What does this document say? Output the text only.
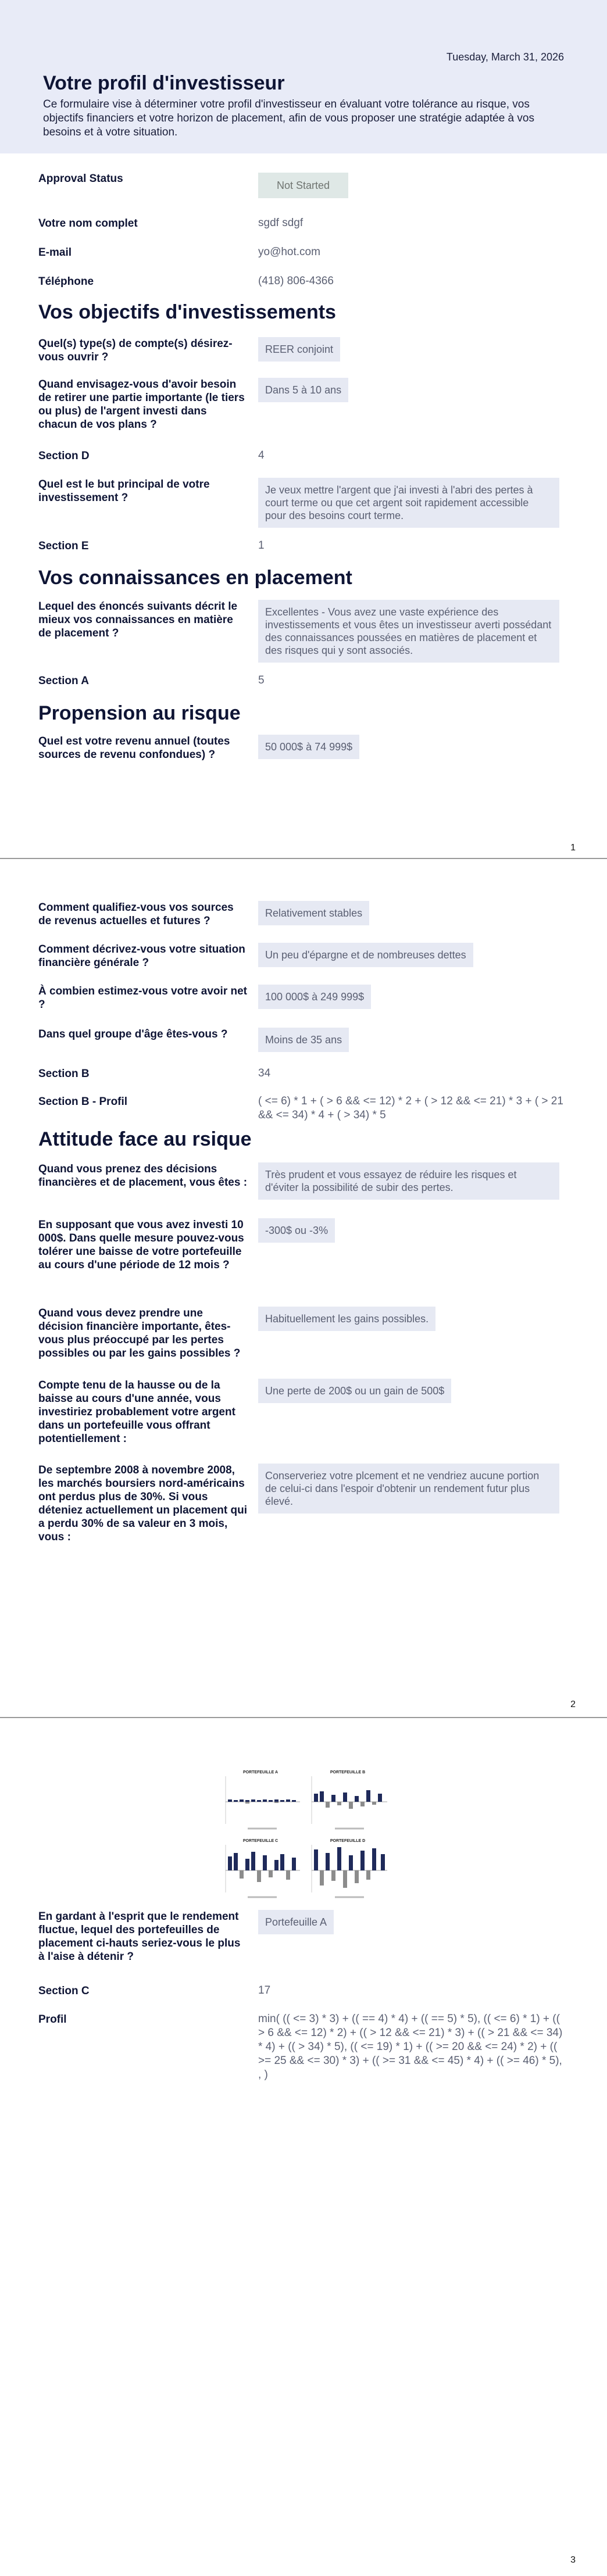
Tuesday, March 31, 2026
Votre profil d'investisseur
Ce formulaire vise à déterminer votre profil d'investisseur en évaluant votre tolérance au risque, vos objectifs financiers et votre horizon de placement, afin de vous proposer une stratégie adaptée à vos besoins et à votre situation.
Approval Status
Not Started
Votre nom complet	sgdf sdgf
E-mail	yo@hot.com
Téléphone	(418) 806-4366
Vos objectifs d'investissements
Quel(s) type(s) de compte(s) désirez-vous ouvrir ?
REER conjoint
Quand envisagez-vous d'avoir besoin de retirer une partie importante (le tiers ou plus) de l'argent investi dans chacun de vos plans ?
Dans 5 à 10 ans
Section D	4
Quel est le but principal de votre investissement ?
Je veux mettre l'argent que j'ai investi à l'abri des pertes à court terme ou que cet argent soit rapidement accessible pour des besoins court terme.
Section E	1
Vos connaissances en placement
Lequel des énoncés suivants décrit le mieux vos connaissances en matière de placement ?
Excellentes - Vous avez une vaste expérience des investissements et vous êtes un investisseur averti possédant des connaissances poussées en matières de placement et des risques qui y sont associés.
Section A	5
Propension au risque
Quel est votre revenu annuel (toutes sources de revenu confondues) ?
50 000$ à 74 999$
1
Comment qualifiez-vous vos sources de revenus actuelles et futures ?
Relativement stables
Comment décrivez-vous votre situation financière générale ?
Un peu d'épargne et de nombreuses dettes
À combien estimez-vous votre avoir net ?
100 000$ à 249 999$
Dans quel groupe d'âge êtes-vous ?	Moins de 35 ans
Section B	34
Section B - Profil	( <= 6) * 1 + ( > 6 && <= 12) * 2 + ( > 12 && <= 21) * 3 + ( > 21 && <= 34) * 4 + ( > 34) * 5
Attitude face au rsique
Quand vous prenez des décisions financières et de placement, vous êtes :
Très prudent et vous essayez de réduire les risques et d'éviter la possibilité de subir des pertes.
En supposant que vous avez investi 10 000$. Dans quelle mesure pouvez-vous tolérer une baisse de votre portefeuille au cours d'une période de 12 mois ?
-300$ ou -3%
Quand vous devez prendre une décision financière importante, êtes-vous plus préoccupé par les pertes possibles ou par les gains possibles ?
Habituellement les gains possibles.
Compte tenu de la hausse ou de la baisse au cours d'une année, vous investiriez probablement votre argent dans un portefeuille vous offrant potentiellement :
Une perte de 200$ ou un gain de 500$
De septembre 2008 à novembre 2008, les marchés boursiers nord-américains ont perdus plus de 30%. Si vous déteniez actuellement un placement qui a perdu 30% de sa valeur en 3 mois, vous :
Conserveriez votre plcement et ne vendriez aucune portion de celui-ci dans l'espoir d'obtenir un rendement futur plus élevé.
2
PORTEFEUILLE A	PORTEFEUILLE B
PORTEFEUILLE C	PORTEFEUILLE D
En gardant à l'esprit que le rendement fluctue, lequel des portefeuilles de placement ci-hauts seriez-vous le plus à l'aise à détenir ?
Portefeuille A
Section C	17
Profil	min( (( <= 3) * 3) + (( == 4) * 4) + (( == 5) * 5), (( <= 6) * 1) + (( > 6 && <= 12) * 2) + (( > 12 && <= 21) * 3) + (( > 21 && <= 34) * 4) + (( > 34) * 5), (( <= 19) * 1) + (( >= 20 && <= 24) * 2) + (( >= 25 && <= 30) * 3) + (( >= 31 && <= 45) * 4) + (( >= 46) * 5), , )
3
